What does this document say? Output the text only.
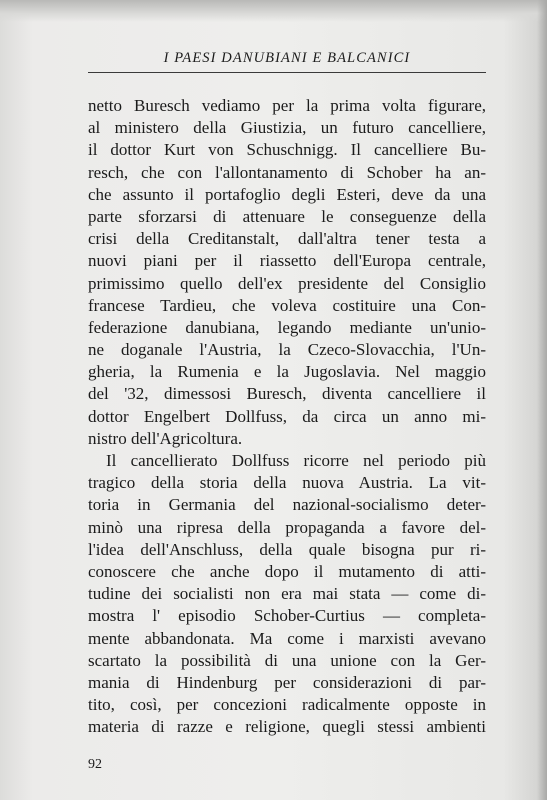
I PAESI DANUBIANI E BALCANICI
netto Buresch vediamo per la prima volta figurare,
al ministero della Giustizia, un futuro cancelliere,
il dottor Kurt von Schuschnigg. Il cancelliere Bu-
resch, che con l'allontanamento di Schober ha an-
che assunto il portafoglio degli Esteri, deve da una
parte sforzarsi di attenuare le conseguenze della
crisi della Creditanstalt, dall'altra tener testa a
nuovi piani per il riassetto dell'Europa centrale,
primissimo quello dell'ex presidente del Consiglio
francese Tardieu, che voleva costituire una Con-
federazione danubiana, legando mediante un'unio-
ne doganale l'Austria, la Czeco-Slovacchia, l'Un-
gheria, la Rumenia e la Jugoslavia. Nel maggio
del '32, dimessosi Buresch, diventa cancelliere il
dottor Engelbert Dollfuss, da circa un anno mi-
nistro dell'Agricoltura.
Il cancellierato Dollfuss ricorre nel periodo più
tragico della storia della nuova Austria. La vit-
toria in Germania del nazional-socialismo deter-
minò una ripresa della propaganda a favore del-
l'idea dell'Anschluss, della quale bisogna pur ri-
conoscere che anche dopo il mutamento di atti-
tudine dei socialisti non era mai stata — come di-
mostra l' episodio Schober-Curtius — completa-
mente abbandonata. Ma come i marxisti avevano
scartato la possibilità di una unione con la Ger-
mania di Hindenburg per considerazioni di par-
tito, così, per concezioni radicalmente opposte in
materia di razze e religione, quegli stessi ambienti
92
